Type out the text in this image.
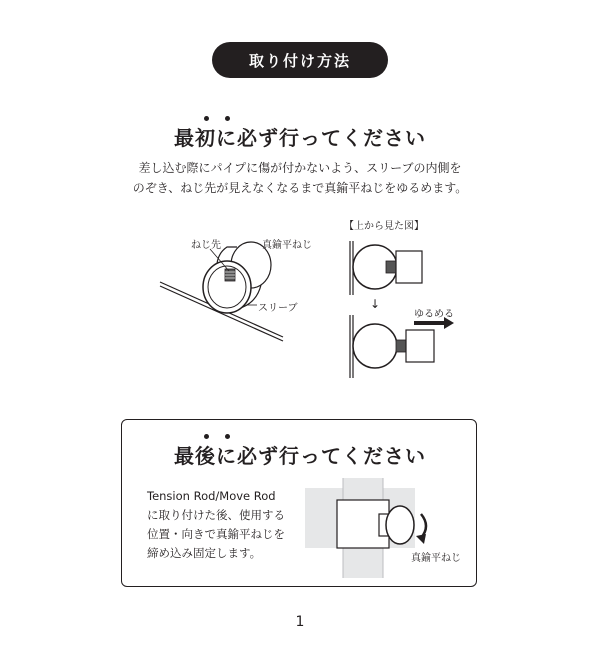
取り付け方法
最初に必ず行ってください
差し込む際にパイプに傷が付かないよう、スリーブの内側を
のぞき、ねじ先が見えなくなるまで真鍮平ねじをゆるめます。
ねじ先	真鍮平ねじ
スリーブ
【上から見た図】
↓
ゆるめる
最後に必ず行ってください
Tension Rod/Move Rod
に取り付けた後、使用する
位置・向きで真鍮平ねじを
締め込み固定します。	真鍮平ねじ
1
